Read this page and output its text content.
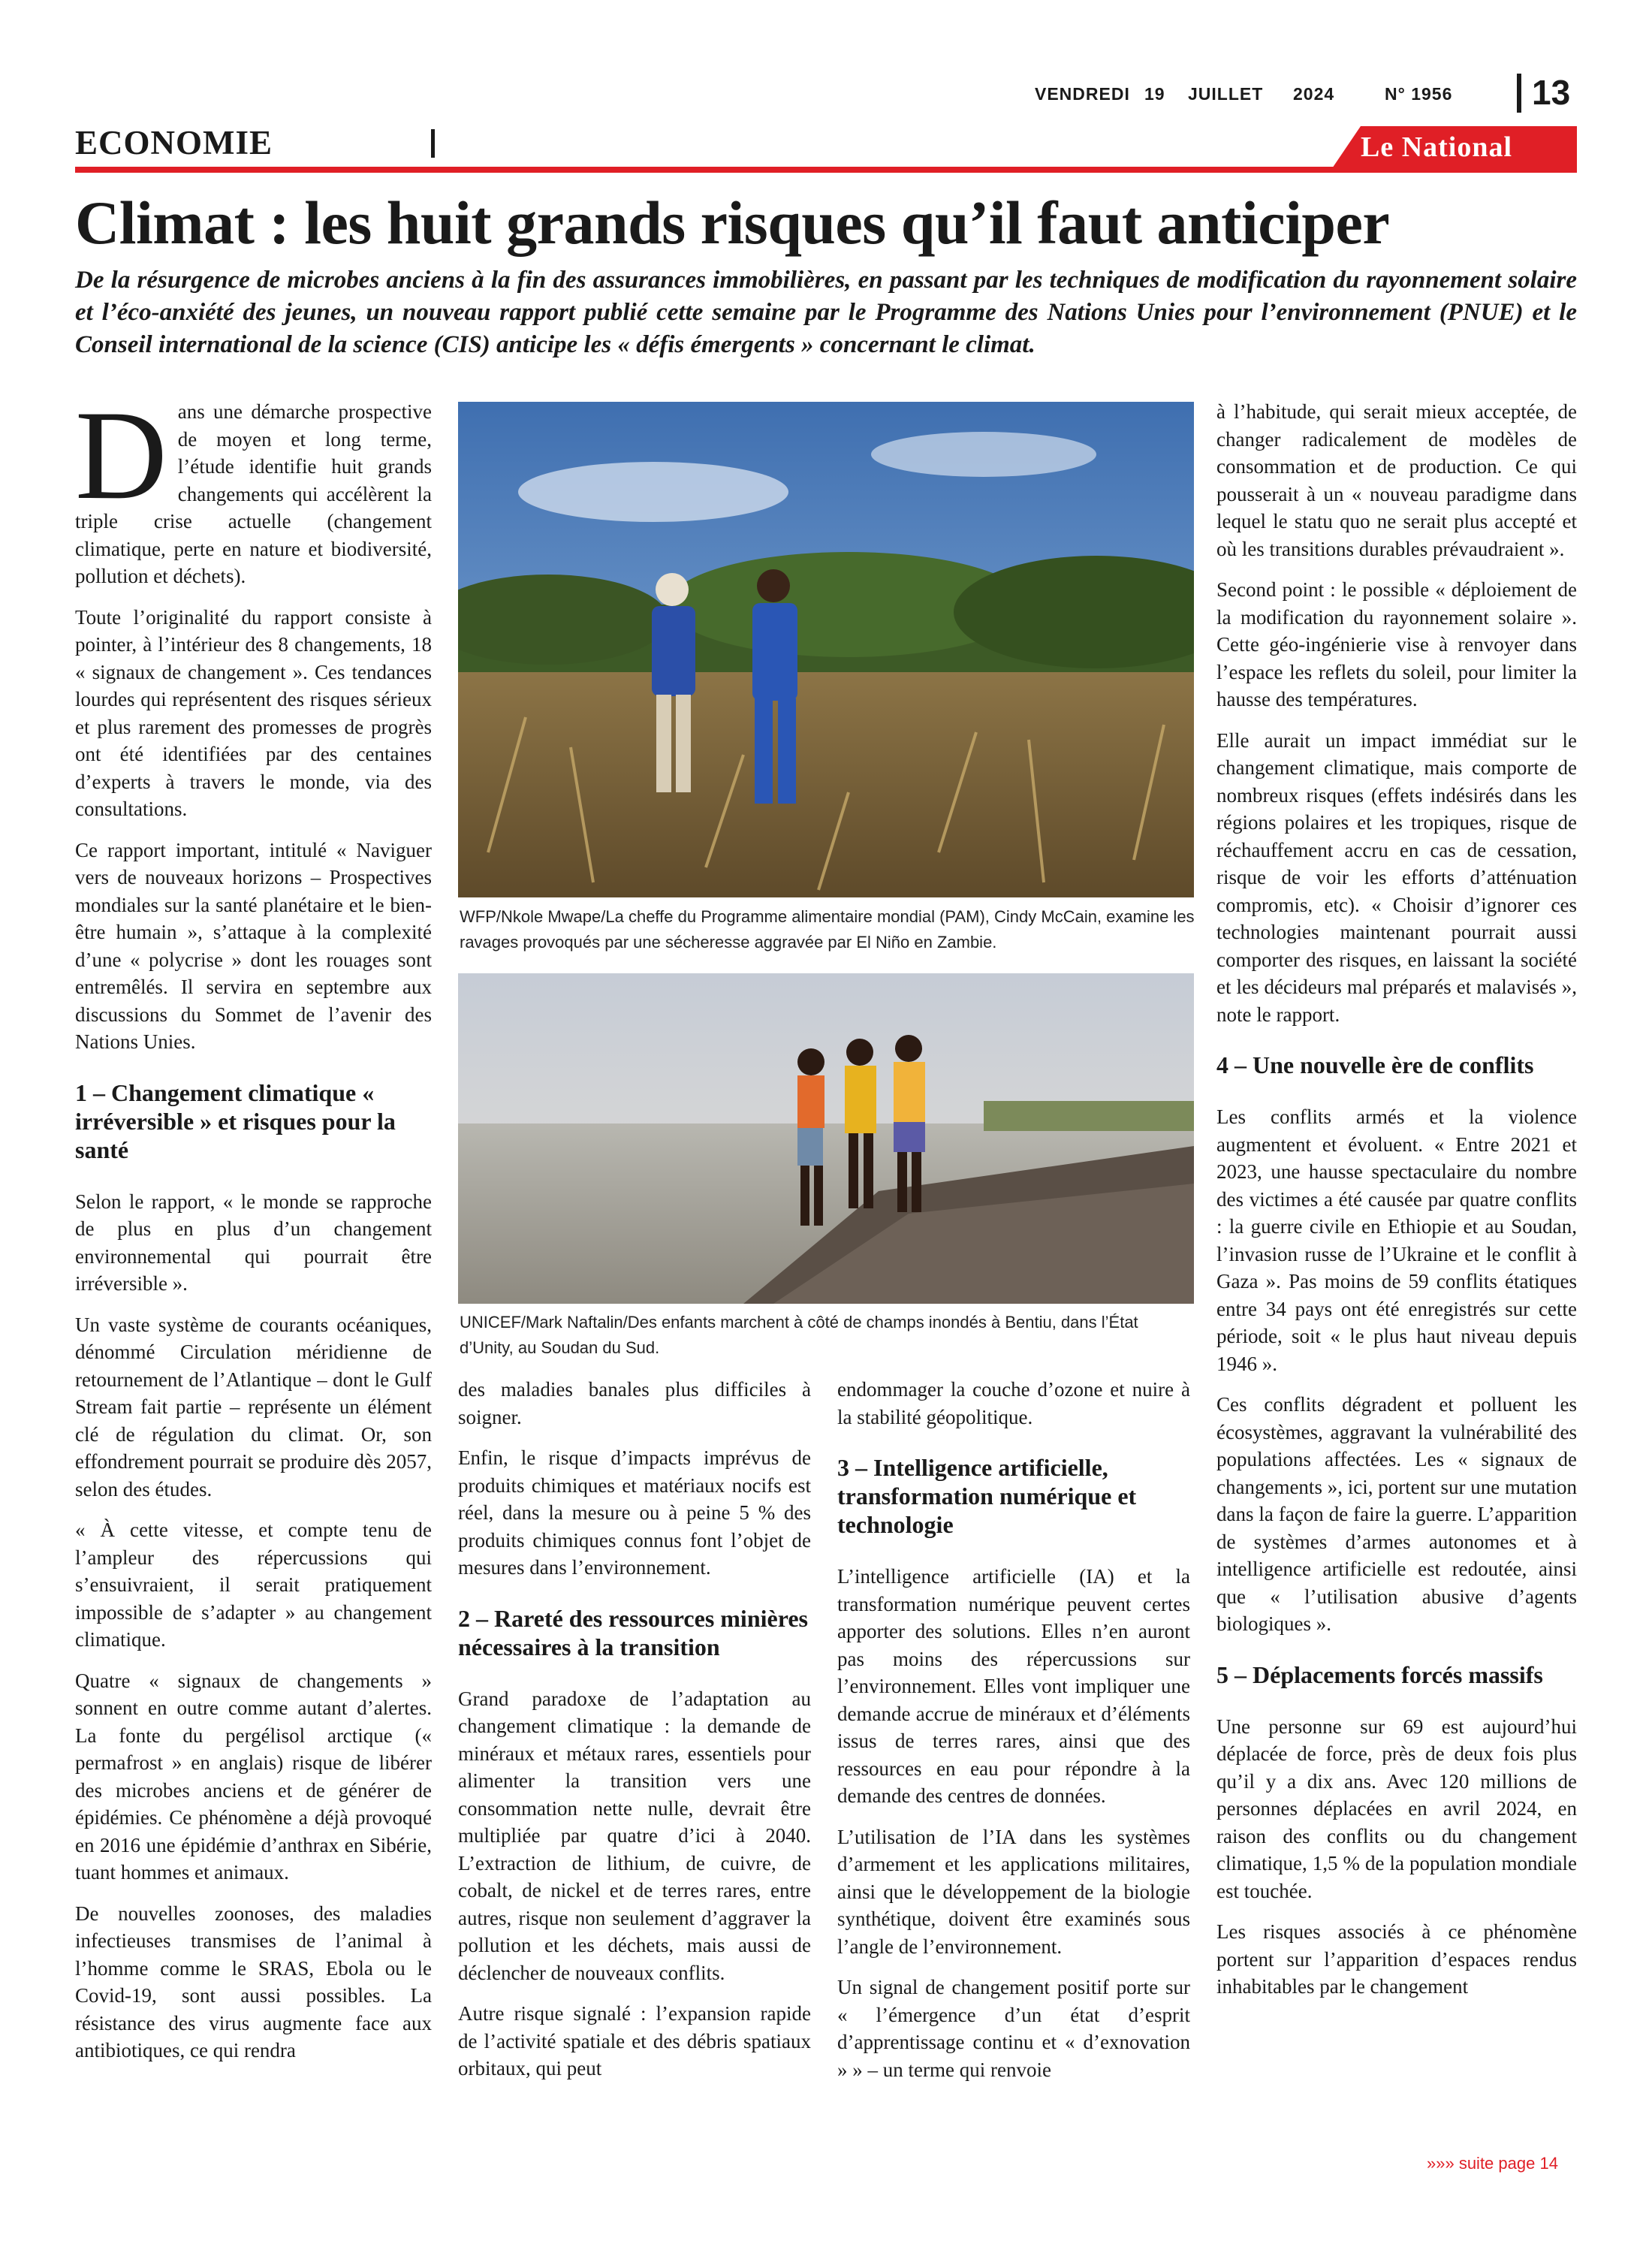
VENDREDI 19 JUILLET 2024	N° 1956 13
ECONOMIE	Le National
Climat : les huit grands risques qu’il faut anticiper
De la résurgence de microbes anciens à la fin des assurances immobilières, en passant par les techniques de modification du rayonnement solaire et l’éco-anxiété des jeunes, un nouveau rapport publié cette semaine par le Programme des Nations Unies pour l’environnement (PNUE) et le Conseil international de la science (CIS) anticipe les « défis émergents » concernant le climat.

Dans une démarche prospective de moyen et long terme, l’étude identifie huit grands changements qui accélèrent la triple crise actuelle (changement climatique, perte en nature et biodiversité, pollution et déchets).

Toute l’originalité du rapport consiste à pointer, à l’intérieur des 8 changements, 18 « signaux de changement ». Ces tendances lourdes qui représentent des risques sérieux et plus rarement des promesses de progrès ont été identifiées par des centaines d’experts à travers le monde, via des consultations.

Ce rapport important, intitulé « Naviguer vers de nouveaux horizons – Prospectives mondiales sur la santé planétaire et le bien-être humain », s’attaque à la complexité d’une « polycrise » dont les rouages sont entremêlés. Il servira en septembre aux discussions du Sommet de l’avenir des Nations Unies.

1 – Changement climatique « irréversible » et risques pour la santé

Selon le rapport, « le monde se rapproche de plus en plus d’un changement environnemental qui pourrait être irréversible ».

Un vaste système de courants océaniques, dénommé Circulation méridienne de retournement de l’Atlantique – dont le Gulf Stream fait partie – représente un élément clé de régulation du climat. Or, son effondrement pourrait se produire dès 2057, selon des études.

« À cette vitesse, et compte tenu de l’ampleur des répercussions qui s’ensuivraient, il serait pratiquement impossible de s’adapter » au changement climatique.

Quatre « signaux de changements » sonnent en outre comme autant d’alertes. La fonte du pergélisol arctique (« permafrost » en anglais) risque de libérer des microbes anciens et de générer de épidémies. Ce phénomène a déjà provoqué en 2016 une épidémie d’anthrax en Sibérie, tuant hommes et animaux.

De nouvelles zoonoses, des maladies infectieuses transmises de l’animal à l’homme comme le SRAS, Ebola ou le Covid-19, sont aussi possibles. La résistance des virus augmente face aux antibiotiques, ce qui rendra

WFP/Nkole Mwape/La cheffe du Programme alimentaire mondial (PAM), Cindy McCain, examine les ravages provoqués par une sécheresse aggravée par El Niño en Zambie.
UNICEF/Mark Naftalin/Des enfants marchent à côté de champs inondés à Bentiu, dans l’État d’Unity, au Soudan du Sud.

des maladies banales plus difficiles à soigner.

Enfin, le risque d’impacts imprévus de produits chimiques et matériaux nocifs est réel, dans la mesure ou à peine 5 % des produits chimiques connus font l’objet de mesures dans l’environnement.

2 – Rareté des ressources minières nécessaires à la transition

Grand paradoxe de l’adaptation au changement climatique : la demande de minéraux et métaux rares, essentiels pour alimenter la transition vers une consommation nette nulle, devrait être multipliée par quatre d’ici à 2040. L’extraction de lithium, de cuivre, de cobalt, de nickel et de terres rares, entre autres, risque non seulement d’aggraver la pollution et les déchets, mais aussi de déclencher de nouveaux conflits.

Autre risque signalé : l’expansion rapide de l’activité spatiale et des débris spatiaux orbitaux, qui peut

endommager la couche d’ozone et nuire à la stabilité géopolitique.

3 – Intelligence artificielle, transformation numérique et technologie

L’intelligence artificielle (IA) et la transformation numérique peuvent certes apporter des solutions. Elles n’en auront pas moins des répercussions sur l’environnement. Elles vont impliquer une demande accrue de minéraux et d’éléments issus de terres rares, ainsi que des ressources en eau pour répondre à la demande des centres de données.

L’utilisation de l’IA dans les systèmes d’armement et les applications militaires, ainsi que le développement de la biologie synthétique, doivent être examinés sous l’angle de l’environnement.

Un signal de changement positif porte sur « l’émergence d’un état d’esprit d’apprentissage continu et « d’exnovation » » – un terme qui renvoie

à l’habitude, qui serait mieux acceptée, de changer radicalement de modèles de consommation et de production. Ce qui pousserait à un « nouveau paradigme dans lequel le statu quo ne serait plus accepté et où les transitions durables prévaudraient ».

Second point : le possible « déploiement de la modification du rayonnement solaire ». Cette géo-ingénierie vise à renvoyer dans l’espace les reflets du soleil, pour limiter la hausse des températures.

Elle aurait un impact immédiat sur le changement climatique, mais comporte de nombreux risques (effets indésirés dans les régions polaires et les tropiques, risque de réchauffement accru en cas de cessation, risque de voir les efforts d’atténuation compromis, etc). « Choisir d’ignorer ces technologies maintenant pourrait aussi comporter des risques, en laissant la société et les décideurs mal préparés et malavisés », note le rapport.

4 – Une nouvelle ère de conflits

Les conflits armés et la violence augmentent et évoluent. « Entre 2021 et 2023, une hausse spectaculaire du nombre des victimes a été causée par quatre conflits : la guerre civile en Ethiopie et au Soudan, l’invasion russe de l’Ukraine et le conflit à Gaza ». Pas moins de 59 conflits étatiques entre 34 pays ont été enregistrés sur cette période, soit « le plus haut niveau depuis 1946 ».

Ces conflits dégradent et polluent les écosystèmes, aggravant la vulnérabilité des populations affectées. Les « signaux de changements », ici, portent sur une mutation dans la façon de faire la guerre. L’apparition de systèmes d’armes autonomes et à intelligence artificielle est redoutée, ainsi que « l’utilisation abusive d’agents biologiques ».

5 – Déplacements forcés massifs

Une personne sur 69 est aujourd’hui déplacée de force, près de deux fois plus qu’il y a dix ans. Avec 120 millions de personnes déplacées en avril 2024, en raison des conflits ou du changement climatique, 1,5 % de la population mondiale est touchée.

Les risques associés à ce phénomène portent sur l’apparition d’espaces rendus inhabitables par le changement

»»» suite page 14
